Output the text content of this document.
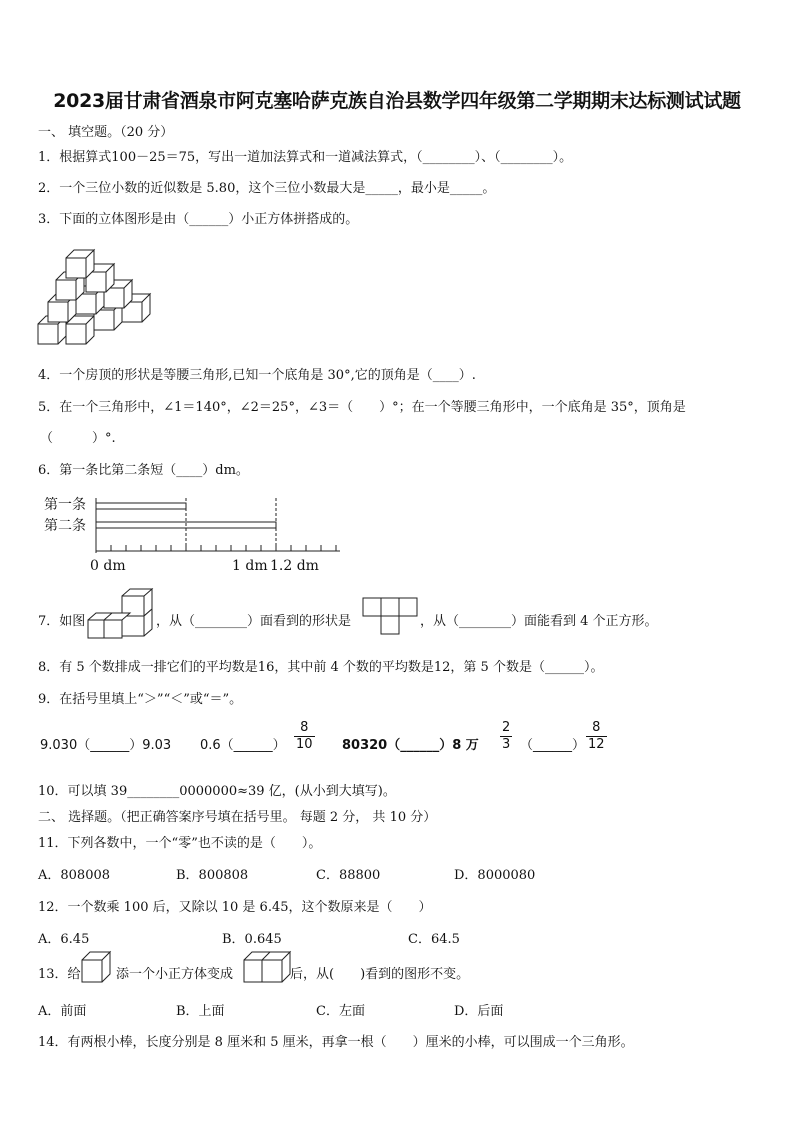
2023届甘肃省酒泉市阿克塞哈萨克族自治县数学四年级第二学期期末达标测试试题
一、 填空题。（20 分）
1．根据算式100－25＝75，写出一道加法算式和一道减法算式，（________）、（________）。
2．一个三位小数的近似数是 5.80，这个三位小数最大是_____，最小是_____。
3．下面的立体图形是由（______）小正方体拼搭成的。
4．一个房顶的形状是等腰三角形,已知一个底角是 30°,它的顶角是（____）.
5．在一个三角形中，∠1＝140°，∠2＝25°，∠3＝（　　）°；在一个等腰三角形中，一个底角是 35°，顶角是
（　　　）°.
6．第一条比第二条短（____）dm。
第一条
第二条
0 dm	1 dm 1.2 dm
7．如图	，从（________）面看到的形状是	，从（________）面能看到 4 个正方形。
8．有 5 个数排成一排它们的平均数是16，其中前 4 个数的平均数是12，第 5 个数是（______）。
9．在括号里填上“＞”“＜”或“＝”。
9.030（______）9.03 0.6（______） $\frac{8}{10}$ 80320（______）8 万 $\frac{2}{3}$ （______） $\frac{8}{12}$
10．可以填 39________0000000≈39 亿，(从小到大填写)。
二、 选择题。（把正确答案序号填在括号里。 每题 2 分， 共 10 分）
11．下列各数中，一个“零”也不读的是（　　）。
A．808008	B．800808	C．88800	D．8000080
12．一个数乘 100 后，又除以 10 是 6.45，这个数原来是（　　）
A．6.45	B．0.645	C．64.5
13．给	添一个小正方体变成	后，从(　　)看到的图形不变。
A．前面	B．上面	C．左面	D．后面
14．有两根小棒，长度分别是 8 厘米和 5 厘米，再拿一根（　　）厘米的小棒，可以围成一个三角形。
